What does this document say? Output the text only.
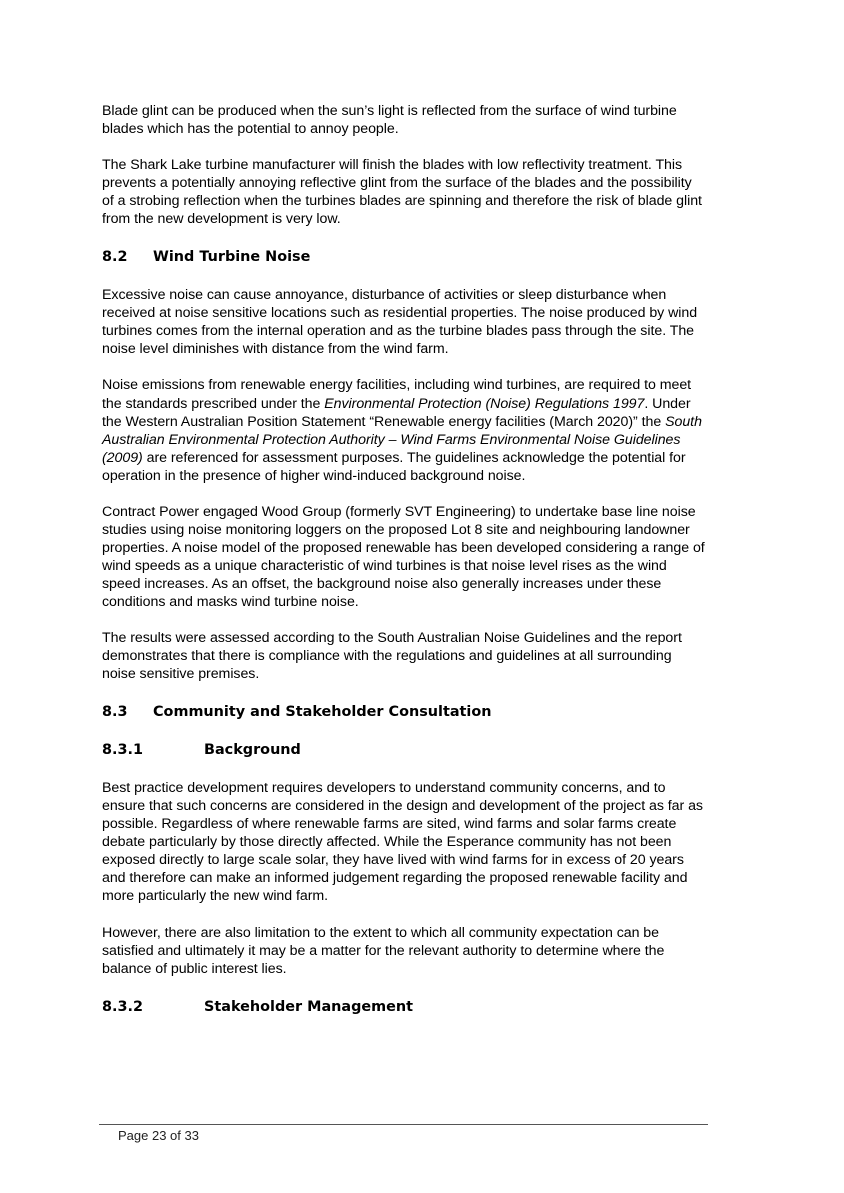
Blade glint can be produced when the sun’s light is reflected from the surface of wind turbine blades which has the potential to annoy people.

The Shark Lake turbine manufacturer will finish the blades with low reflectivity treatment. This prevents a potentially annoying reflective glint from the surface of the blades and the possibility of a strobing reflection when the turbines blades are spinning and therefore the risk of blade glint from the new development is very low.

8.2	Wind Turbine Noise

Excessive noise can cause annoyance, disturbance of activities or sleep disturbance when received at noise sensitive locations such as residential properties. The noise produced by wind turbines comes from the internal operation and as the turbine blades pass through the site. The noise level diminishes with distance from the wind farm.

Noise emissions from renewable energy facilities, including wind turbines, are required to meet the standards prescribed under the Environmental Protection (Noise) Regulations 1997. Under the Western Australian Position Statement “Renewable energy facilities (March 2020)” the South Australian Environmental Protection Authority – Wind Farms Environmental Noise Guidelines (2009) are referenced for assessment purposes. The guidelines acknowledge the potential for operation in the presence of higher wind-induced background noise.

Contract Power engaged Wood Group (formerly SVT Engineering) to undertake base line noise studies using noise monitoring loggers on the proposed Lot 8 site and neighbouring landowner properties. A noise model of the proposed renewable has been developed considering a range of wind speeds as a unique characteristic of wind turbines is that noise level rises as the wind speed increases. As an offset, the background noise also generally increases under these conditions and masks wind turbine noise.

The results were assessed according to the South Australian Noise Guidelines and the report demonstrates that there is compliance with the regulations and guidelines at all surrounding noise sensitive premises.

8.3	Community and Stakeholder Consultation
8.3.1	Background

Best practice development requires developers to understand community concerns, and to ensure that such concerns are considered in the design and development of the project as far as possible. Regardless of where renewable farms are sited, wind farms and solar farms create debate particularly by those directly affected. While the Esperance community has not been exposed directly to large scale solar, they have lived with wind farms for in excess of 20 years and therefore can make an informed judgement regarding the proposed renewable facility and more particularly the new wind farm.

However, there are also limitation to the extent to which all community expectation can be satisfied and ultimately it may be a matter for the relevant authority to determine where the balance of public interest lies.

8.3.2	Stakeholder Management
Page 23 of 33
